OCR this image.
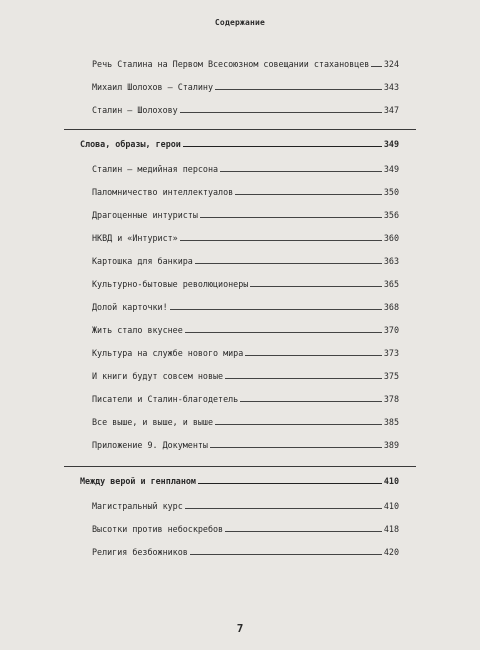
Содержание
Речь Сталина на Первом Всесоюзном совещании стахановцев 324
Михаил Шолохов – Сталину	343
Сталин – Шолохову	347
Слова, образы, герои	349
Сталин – медийная персона	349
Паломничество интеллектуалов	350
Драгоценные интуристы	356
НКВД и «Интурист»	360
Картошка для банкира	363
Культурно-бытовые революционеры	365
Долой карточки!	368
Жить стало вкуснее	370
Культура на службе нового мира	373
И книги будут совсем новые	375
Писатели и Сталин-благодетель	378
Все выше, и выше, и выше	385
Приложение 9. Документы	389
Между верой и генпланом	410
Магистральный курс	410
Высотки против небоскребов	418
Религия безбожников	420
7
